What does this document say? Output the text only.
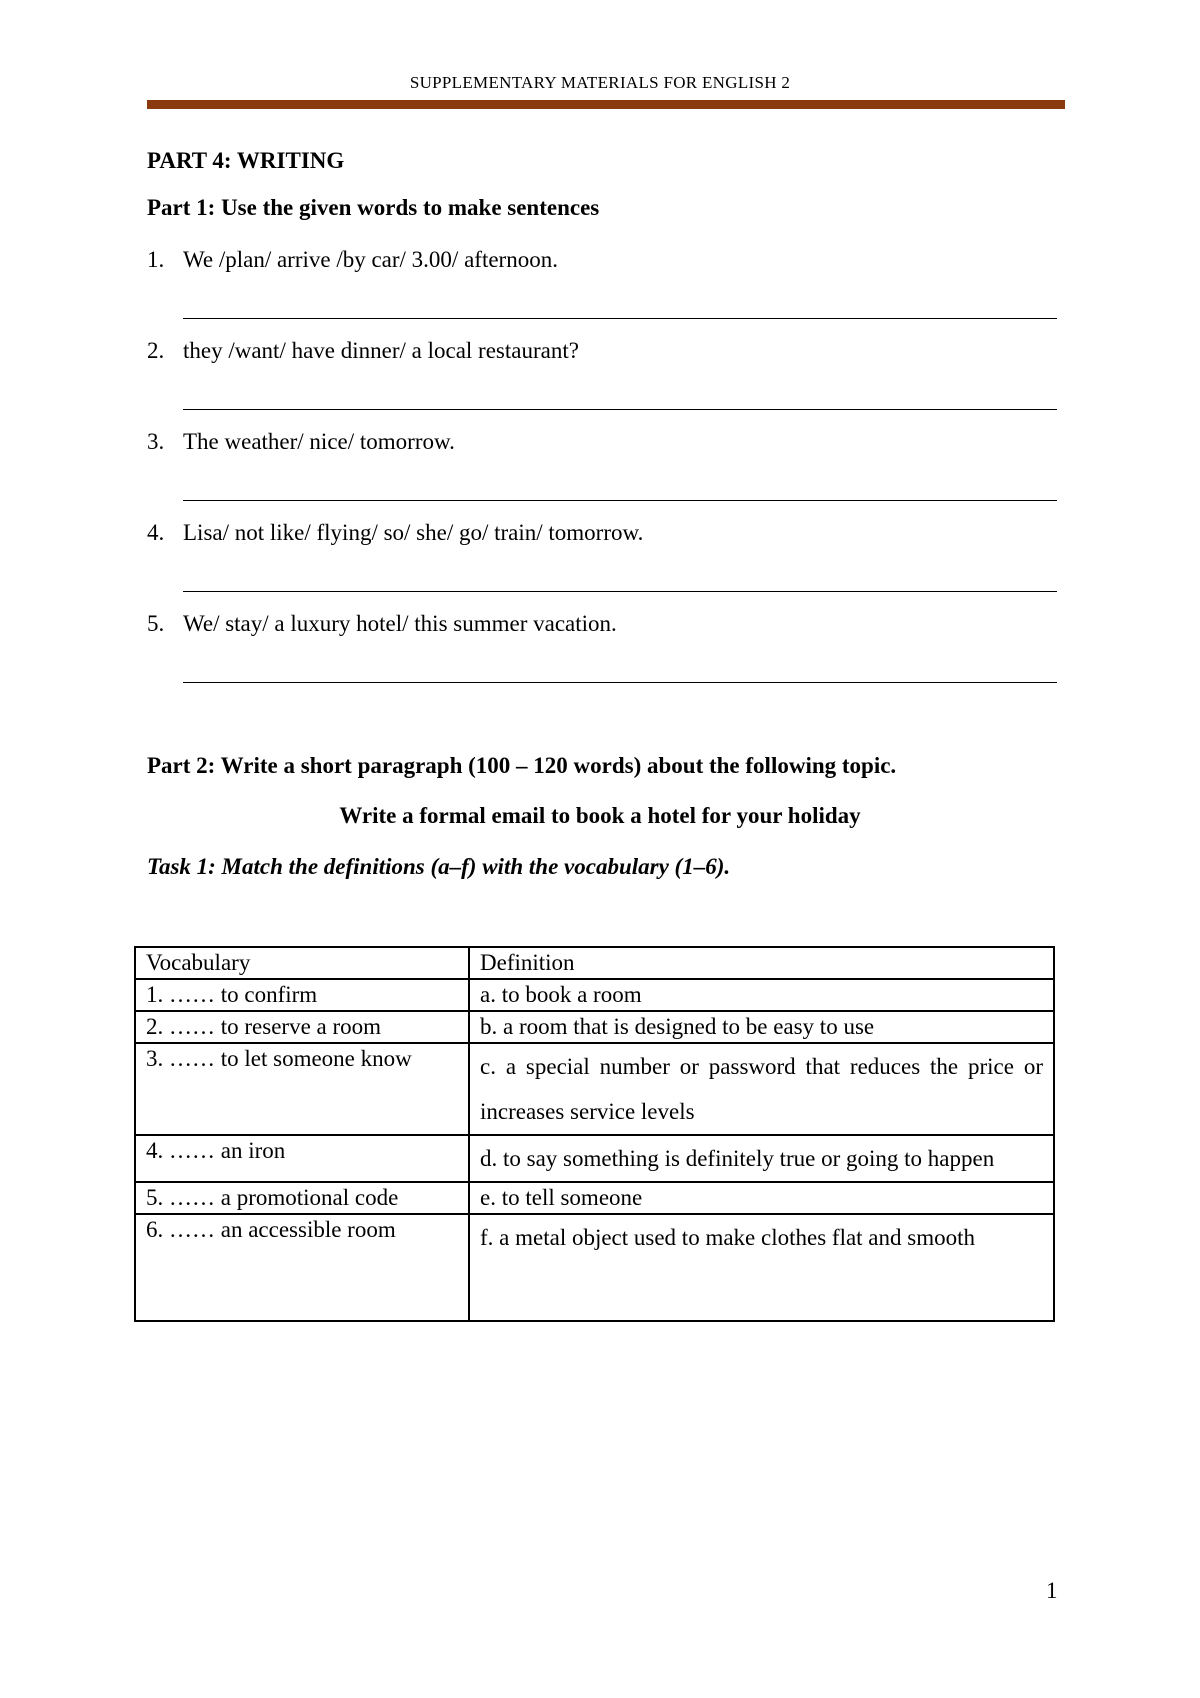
SUPPLEMENTARY MATERIALS FOR ENGLISH 2
PART 4: WRITING
Part 1: Use the given words to make sentences
1. We /plan/ arrive /by car/ 3.00/ afternoon.
2. they /want/ have dinner/ a local restaurant?
3. The weather/ nice/ tomorrow.
4. Lisa/ not like/ flying/ so/ she/ go/ train/ tomorrow.
5. We/ stay/ a luxury hotel/ this summer vacation.
Part 2: Write a short paragraph (100 – 120 words) about the following topic.
Write a formal email to book a hotel for your holiday
Task 1: Match the definitions (a–f) with the vocabulary (1–6).
Vocabulary	Definition
1. …… to confirm	a. to book a room
2. …… to reserve a room	b. a room that is designed to be easy to use
3. …… to let someone know	c. a special number or password that reduces the price or increases service levels
4. …… an iron	d. to say something is definitely true or going to happen
5. …… a promotional code	e. to tell someone
6. …… an accessible room	f. a metal object used to make clothes flat and smooth
1
